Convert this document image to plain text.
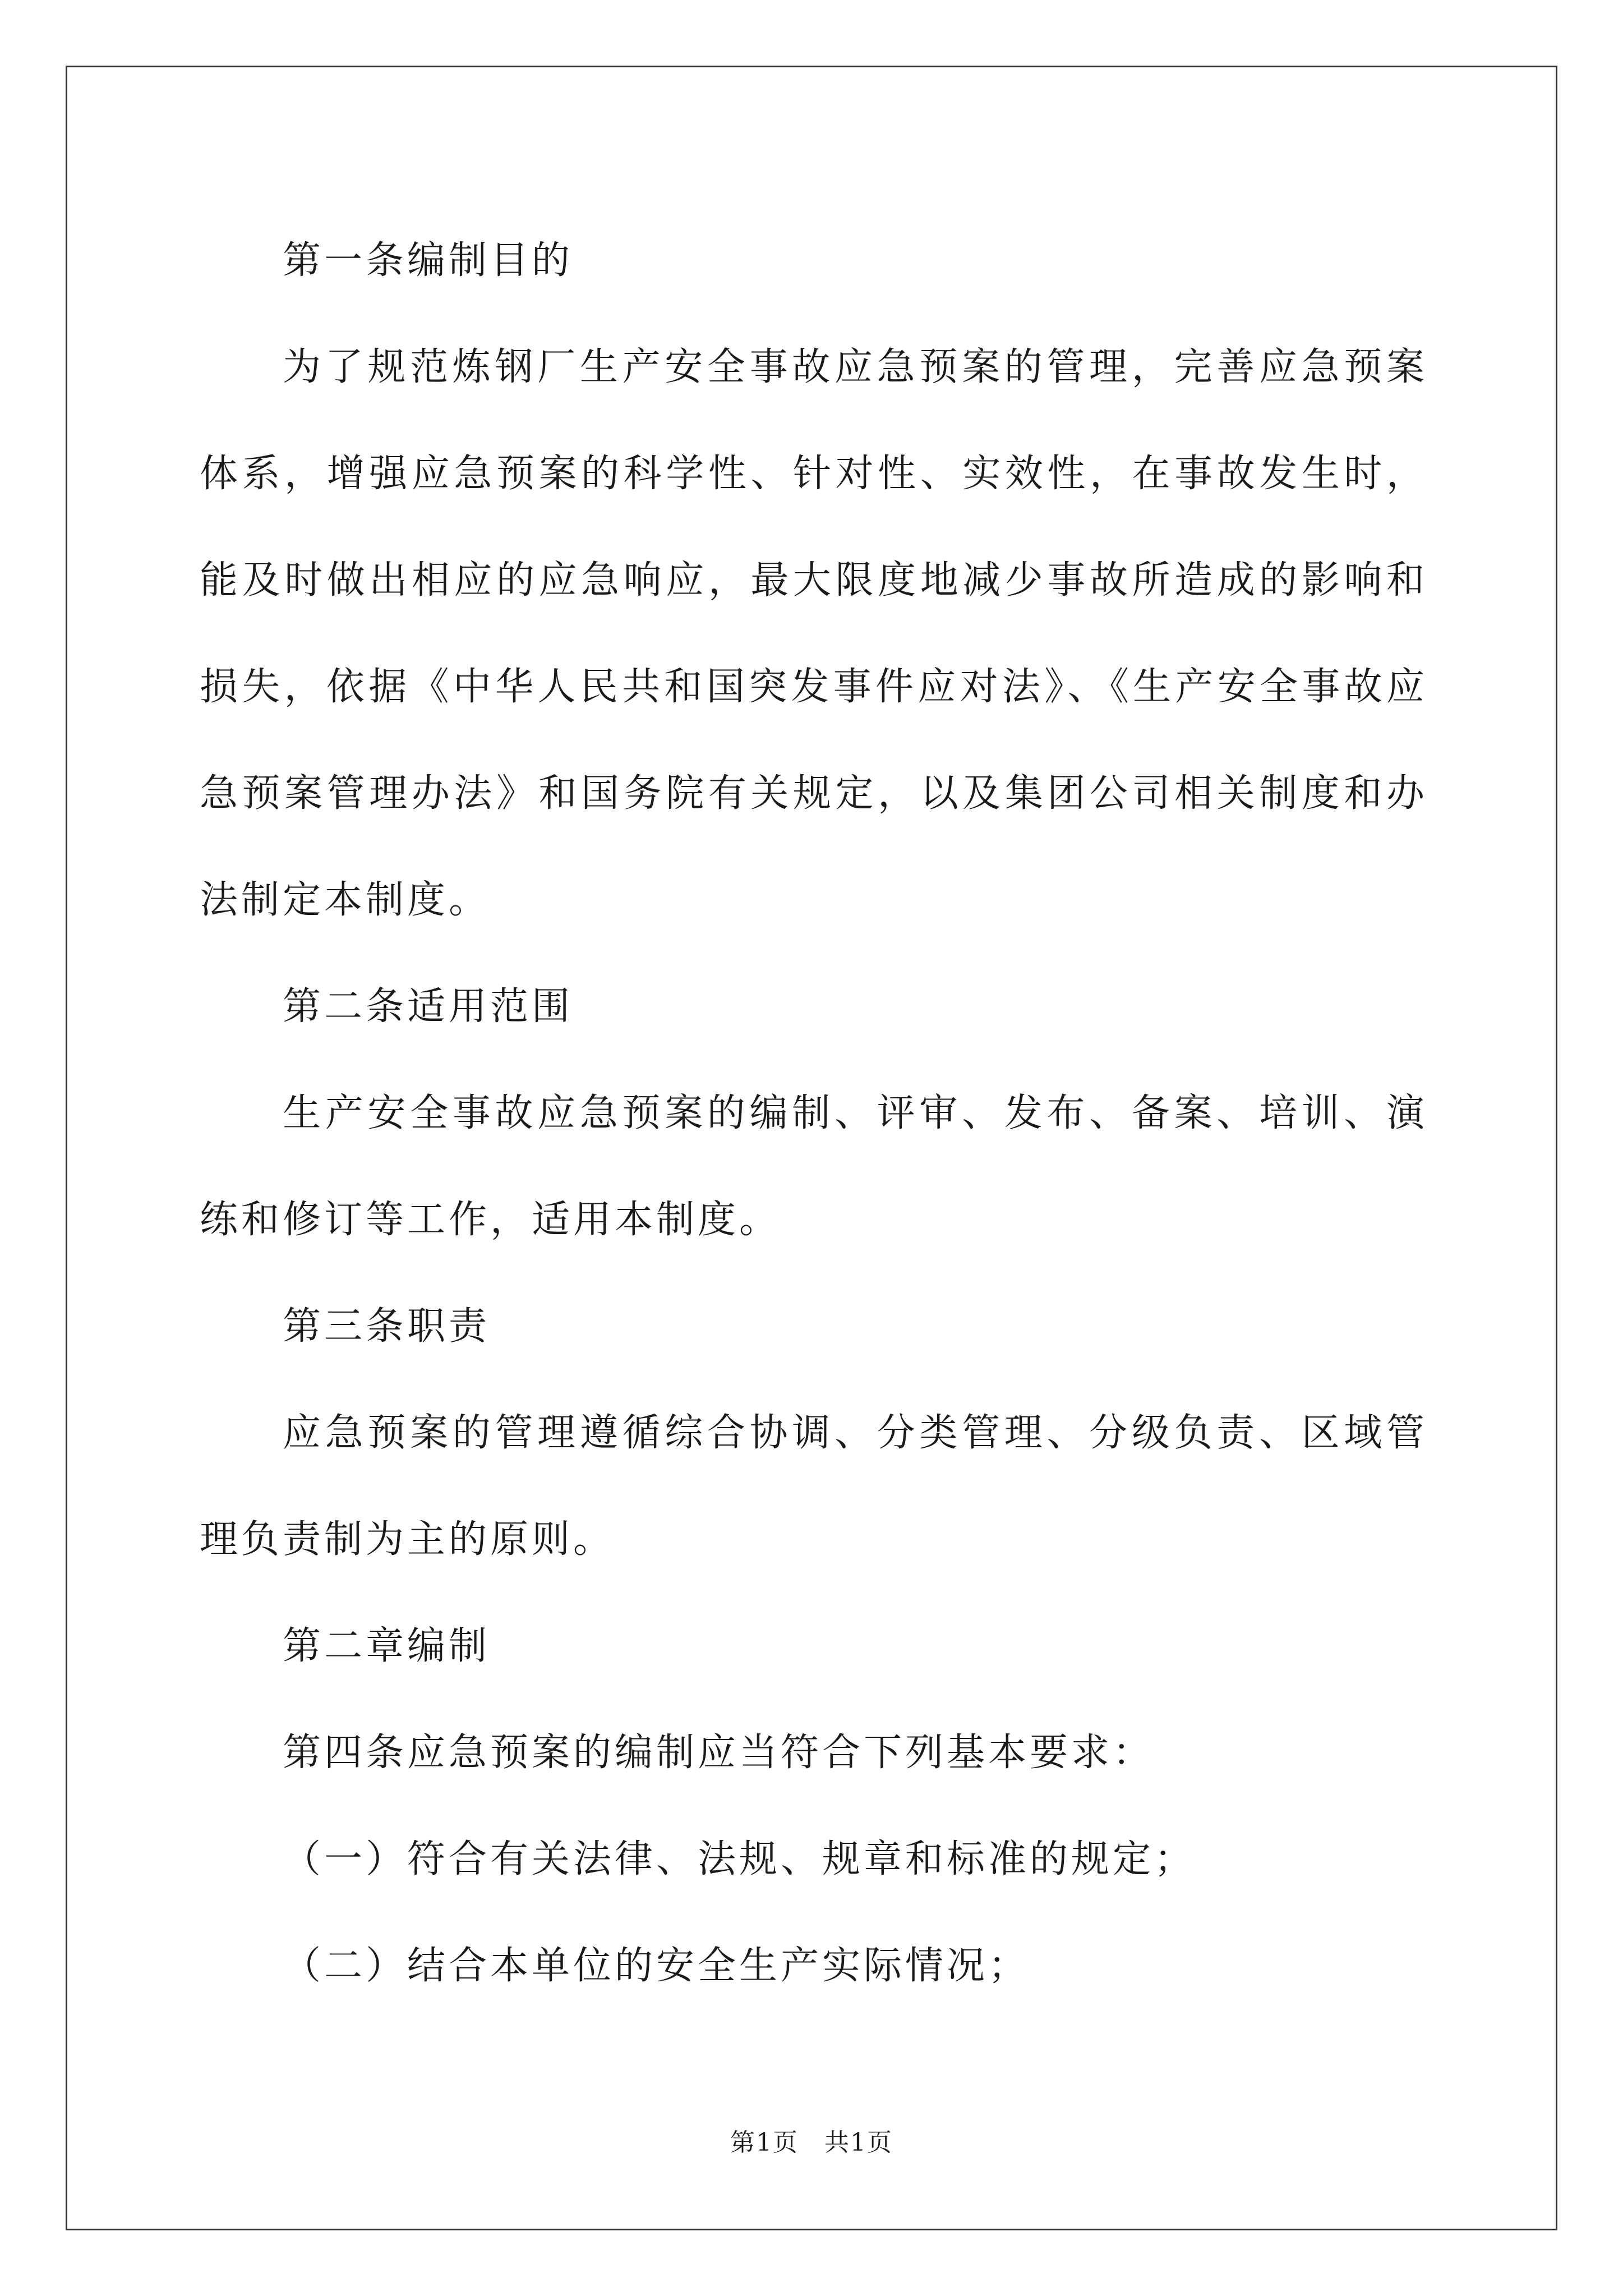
第一条编制目的

为了规范炼钢厂生产安全事故应急预案的管理，完善应急预案体系，增强应急预案的科学性、针对性、实效性，在事故发生时，能及时做出相应的应急响应，最大限度地减少事故所造成的影响和损失，依据《中华人民共和国突发事件应对法》、《生产安全事故应急预案管理办法》和国务院有关规定，以及集团公司相关制度和办法制定本制度。

第二条适用范围

生产安全事故应急预案的编制、评审、发布、备案、培训、演练和修订等工作，适用本制度。

第三条职责

应急预案的管理遵循综合协调、分类管理、分级负责、区域管理负责制为主的原则。

第二章编制

第四条应急预案的编制应当符合下列基本要求：

（一）符合有关法律、法规、规章和标准的规定；

（二）结合本单位的安全生产实际情况；

第1页　共1页
